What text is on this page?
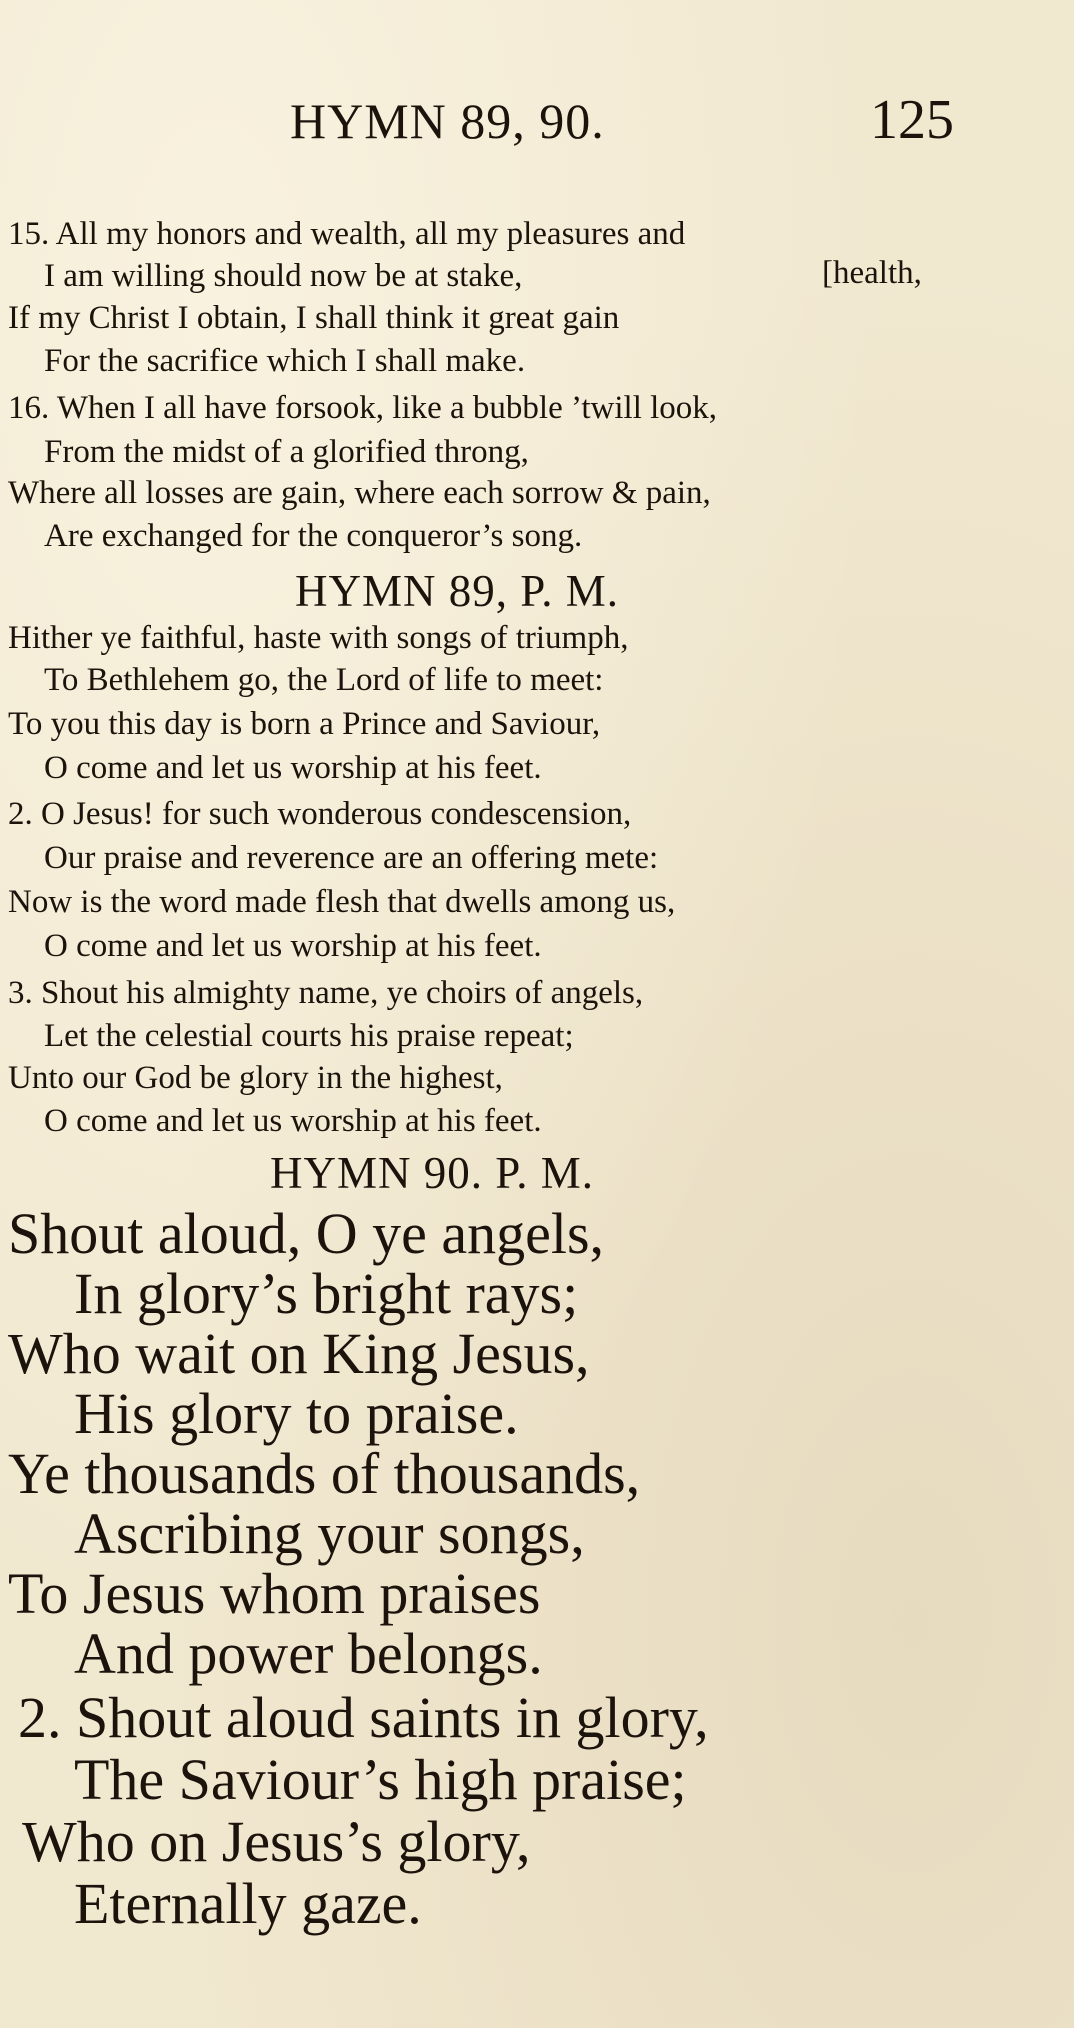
HYMN 89, 90.	125
15. All my honors and wealth, all my pleasures and
I am willing should now be at stake,	[health,
If my Christ I obtain, I shall think it great gain
For the sacrifice which I shall make.
16. When I all have forsook, like a bubble ’twill look,
From the midst of a glorified throng,
Where all losses are gain, where each sorrow & pain,
Are exchanged for the conqueror’s song.
HYMN 89, P. M.
Hither ye faithful, haste with songs of triumph,
To Bethlehem go, the Lord of life to meet:
To you this day is born a Prince and Saviour,
O come and let us worship at his feet.
2. O Jesus! for such wonderous condescension,
Our praise and reverence are an offering mete:
Now is the word made flesh that dwells among us,
O come and let us worship at his feet.
3. Shout his almighty name, ye choirs of angels,
Let the celestial courts his praise repeat;
Unto our God be glory in the highest,
O come and let us worship at his feet.
HYMN 90. P. M.
Shout aloud, O ye angels,
In glory’s bright rays;
Who wait on King Jesus,
His glory to praise.
Ye thousands of thousands,
Ascribing your songs,
To Jesus whom praises
And power belongs.
2. Shout aloud saints in glory,
The Saviour’s high praise;
Who on Jesus’s glory,
Eternally gaze.
